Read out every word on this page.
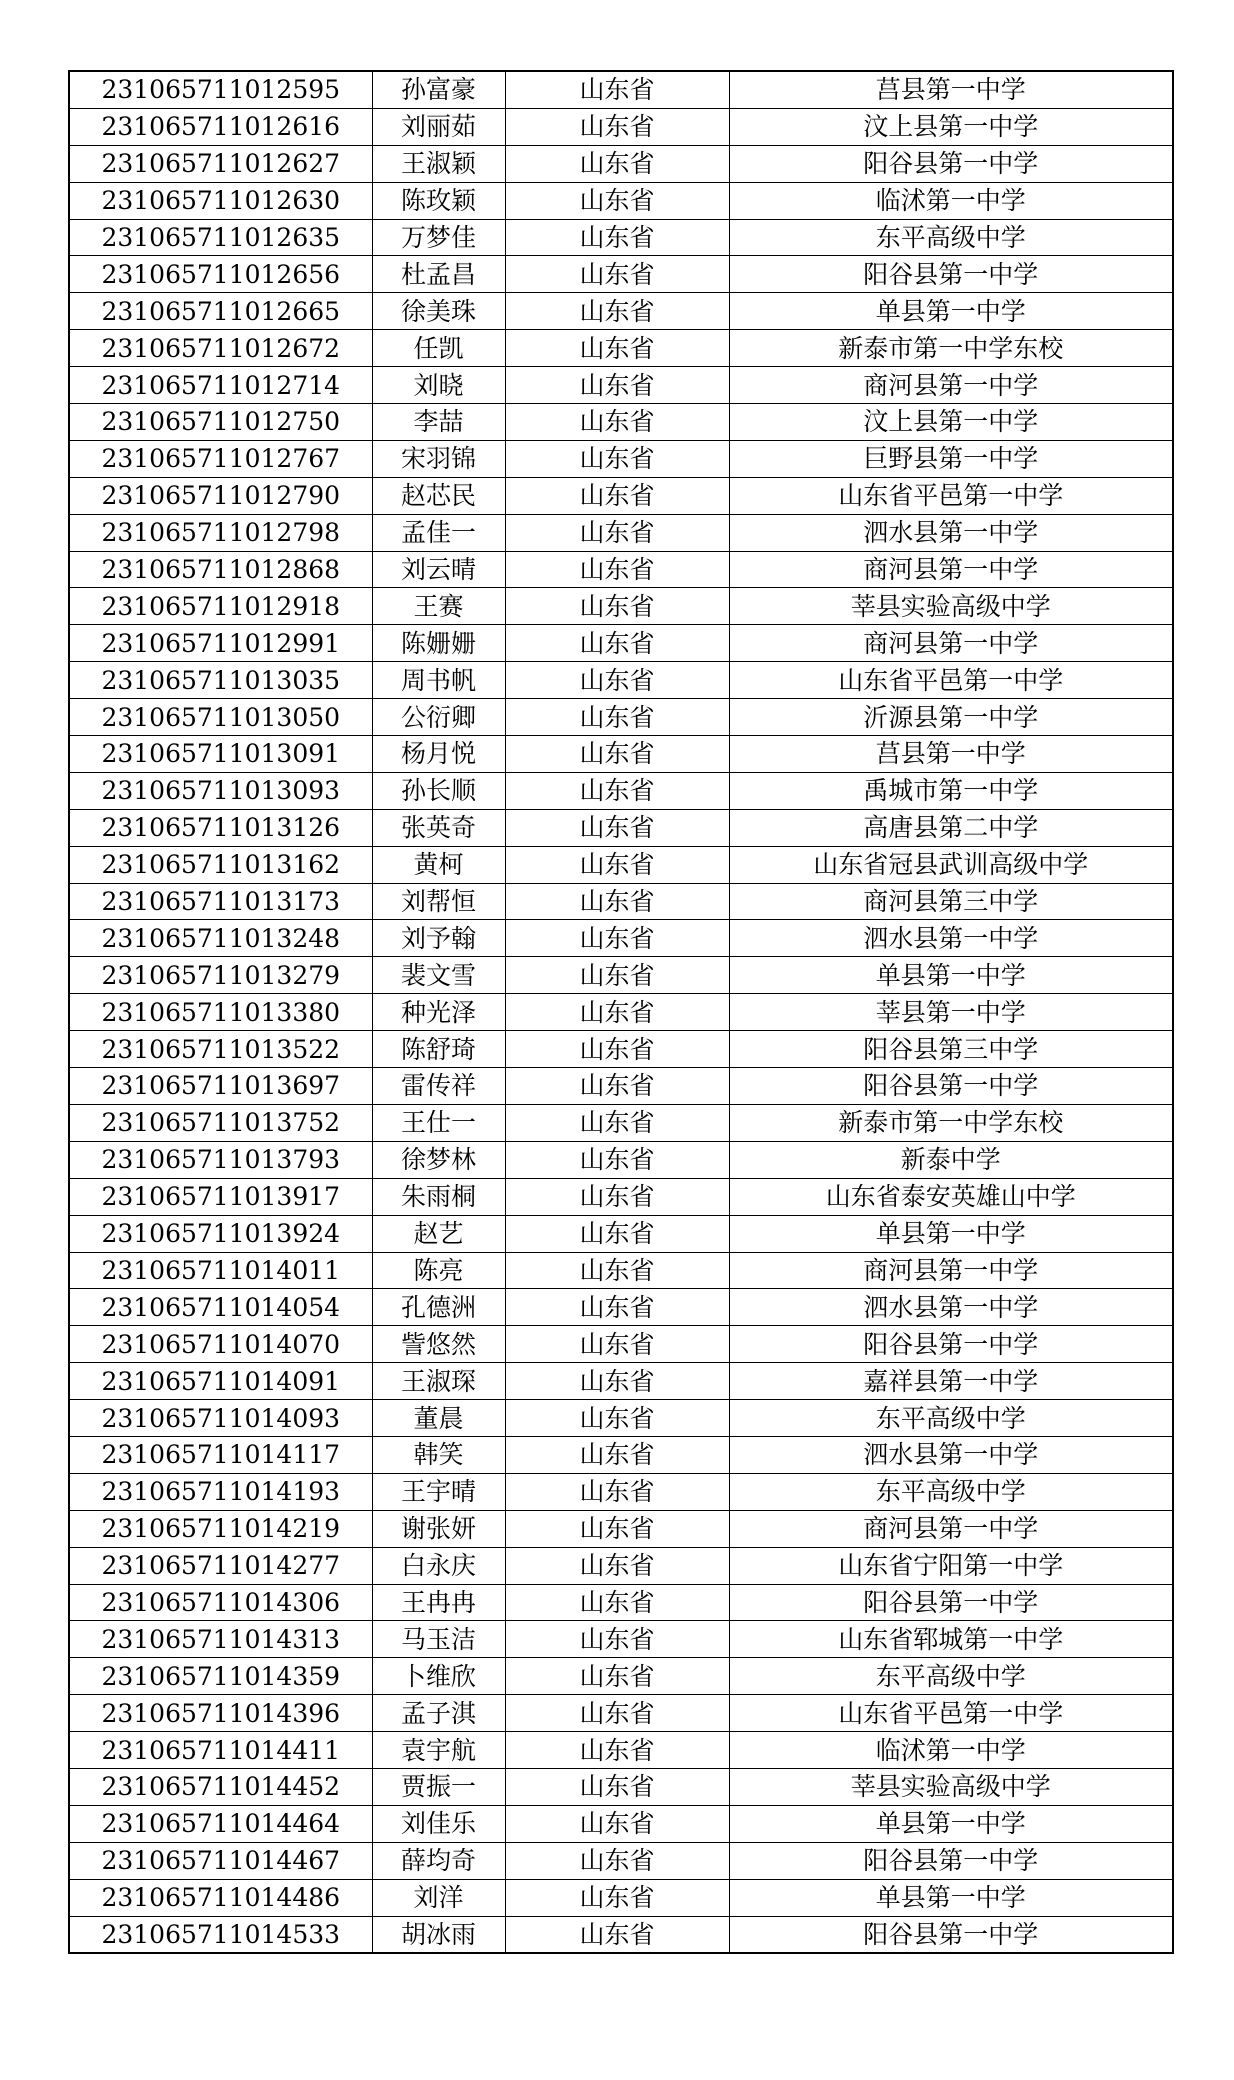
231065711012595	孙富豪	山东省	莒县第一中学
231065711012616	刘丽茹	山东省	汶上县第一中学
231065711012627	王淑颖	山东省	阳谷县第一中学
231065711012630	陈玫颖	山东省	临沭第一中学
231065711012635	万梦佳	山东省	东平高级中学
231065711012656	杜孟昌	山东省	阳谷县第一中学
231065711012665	徐美珠	山东省	单县第一中学
231065711012672	任凯	山东省	新泰市第一中学东校
231065711012714	刘晓	山东省	商河县第一中学
231065711012750	李喆	山东省	汶上县第一中学
231065711012767	宋羽锦	山东省	巨野县第一中学
231065711012790	赵芯民	山东省	山东省平邑第一中学
231065711012798	孟佳一	山东省	泗水县第一中学
231065711012868	刘云晴	山东省	商河县第一中学
231065711012918	王赛	山东省	莘县实验高级中学
231065711012991	陈姗姗	山东省	商河县第一中学
231065711013035	周书帆	山东省	山东省平邑第一中学
231065711013050	公衍卿	山东省	沂源县第一中学
231065711013091	杨月悦	山东省	莒县第一中学
231065711013093	孙长顺	山东省	禹城市第一中学
231065711013126	张英奇	山东省	高唐县第二中学
231065711013162	黄柯	山东省	山东省冠县武训高级中学
231065711013173	刘帮恒	山东省	商河县第三中学
231065711013248	刘予翰	山东省	泗水县第一中学
231065711013279	裴文雪	山东省	单县第一中学
231065711013380	种光泽	山东省	莘县第一中学
231065711013522	陈舒琦	山东省	阳谷县第三中学
231065711013697	雷传祥	山东省	阳谷县第一中学
231065711013752	王仕一	山东省	新泰市第一中学东校
231065711013793	徐梦林	山东省	新泰中学
231065711013917	朱雨桐	山东省	山东省泰安英雄山中学
231065711013924	赵艺	山东省	单县第一中学
231065711014011	陈亮	山东省	商河县第一中学
231065711014054	孔德洲	山东省	泗水县第一中学
231065711014070	訾悠然	山东省	阳谷县第一中学
231065711014091	王淑琛	山东省	嘉祥县第一中学
231065711014093	董晨	山东省	东平高级中学
231065711014117	韩笑	山东省	泗水县第一中学
231065711014193	王宇晴	山东省	东平高级中学
231065711014219	谢张妍	山东省	商河县第一中学
231065711014277	白永庆	山东省	山东省宁阳第一中学
231065711014306	王冉冉	山东省	阳谷县第一中学
231065711014313	马玉洁	山东省	山东省郓城第一中学
231065711014359	卜维欣	山东省	东平高级中学
231065711014396	孟子淇	山东省	山东省平邑第一中学
231065711014411	袁宇航	山东省	临沭第一中学
231065711014452	贾振一	山东省	莘县实验高级中学
231065711014464	刘佳乐	山东省	单县第一中学
231065711014467	薛均奇	山东省	阳谷县第一中学
231065711014486	刘洋	山东省	单县第一中学
231065711014533	胡冰雨	山东省	阳谷县第一中学
